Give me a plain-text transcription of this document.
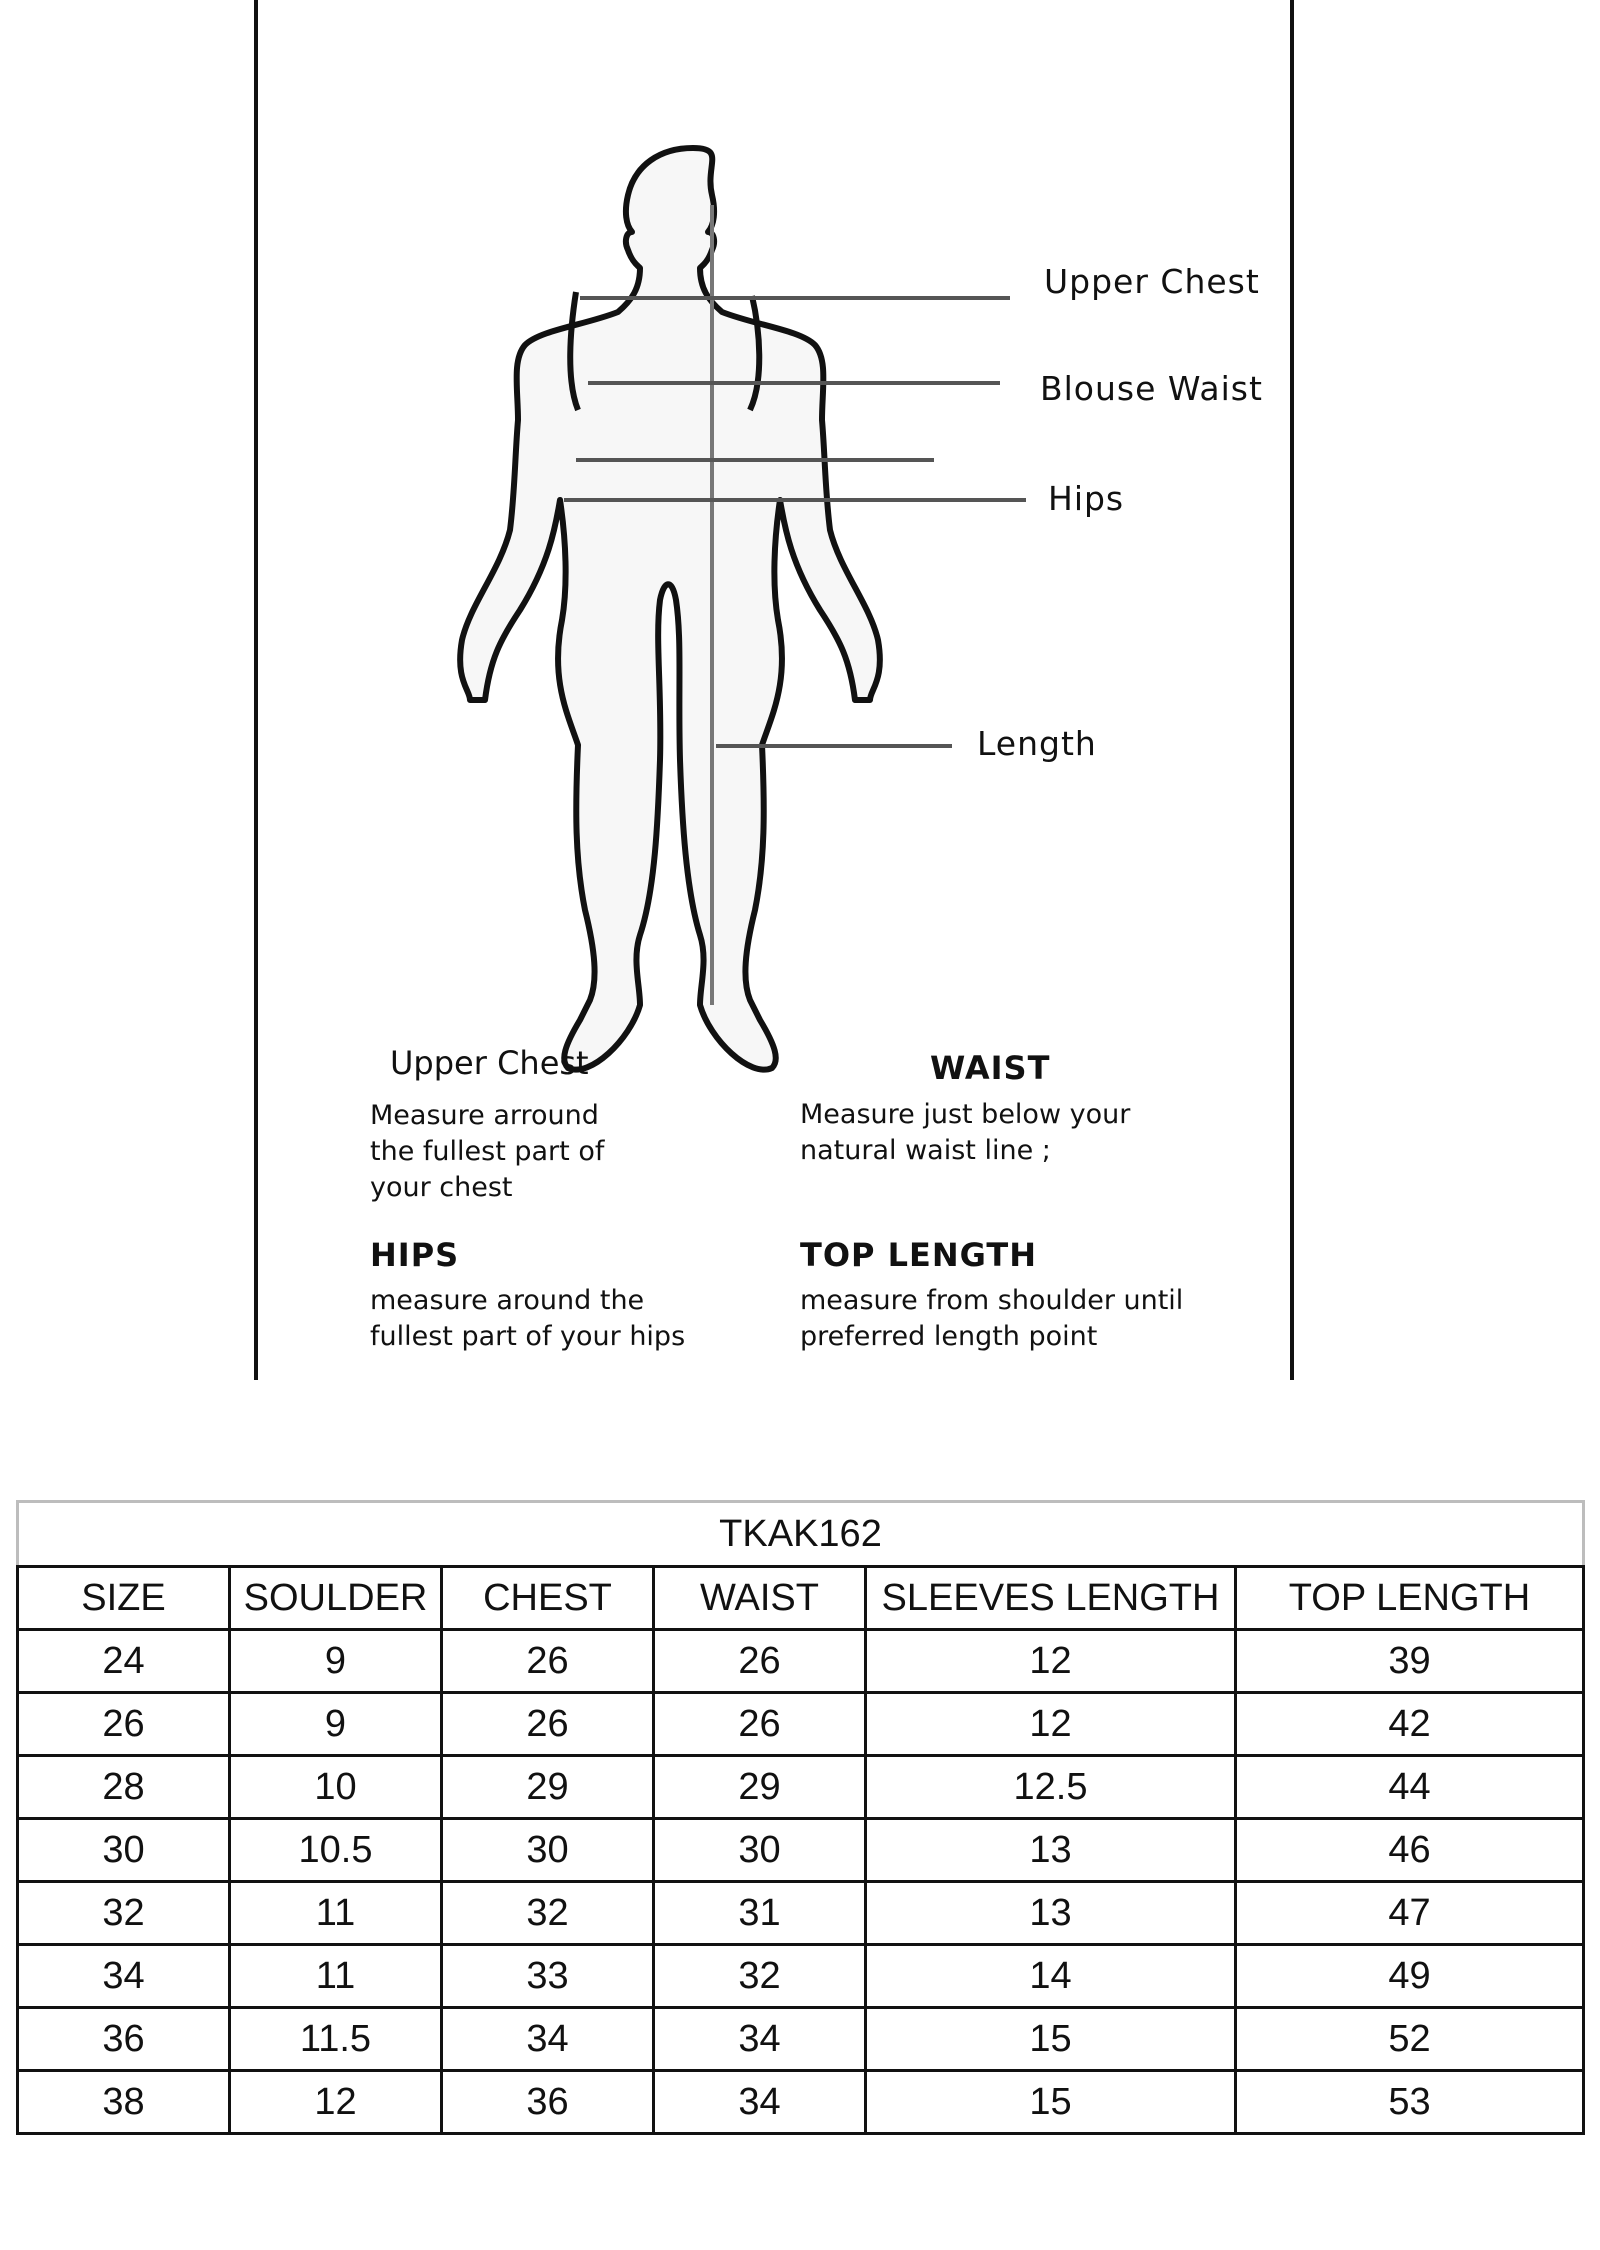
Upper Chest
Blouse Waist
Hips
Length
Upper Chest
Measure arround
the fullest part of
your chest
WAIST
Measure just below your
natural waist line ;
HIPS
measure around the
fullest part of your hips
TOP LENGTH
measure from shoulder until
preferred length point
TKAK162					
SIZE	SOULDER	CHEST	WAIST	SLEEVES LENGTH	TOP LENGTH
24	9	26	26	12	39
26	9	26	26	12	42
28	10	29	29	12.5	44
30	10.5	30	30	13	46
32	11	32	31	13	47
34	11	33	32	14	49
36	11.5	34	34	15	52
38	12	36	34	15	53
